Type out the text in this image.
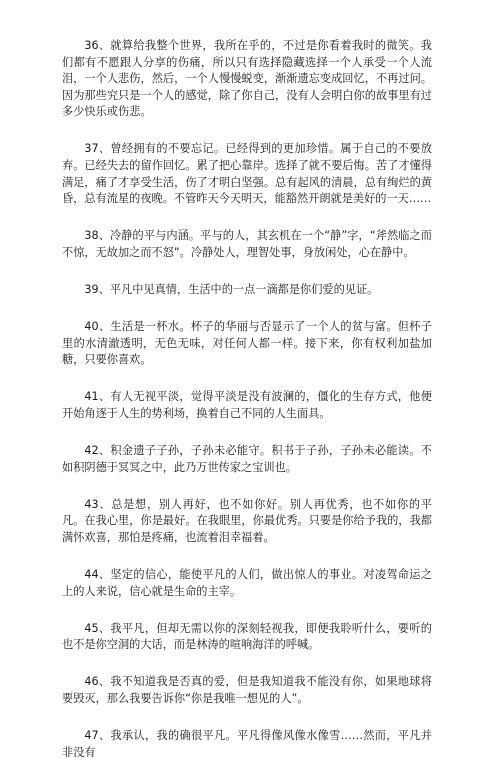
36、就算给我整个世界，我所在乎的，不过是你看着我时的微笑。我们都有不愿跟人分享的伤痛，所以只有选择隐藏选择一个人承受一个人流泪，一个人悲伤，然后，一个人慢慢蜕变，渐渐遗忘变成回忆，不再过问。因为那些究只是一个人的感觉，除了你自己，没有人会明白你的故事里有过多少快乐或伤悲。

37、曾经拥有的不要忘记。已经得到的更加珍惜。属于自己的不要放弃。已经失去的留作回忆。累了把心靠岸。选择了就不要后悔。苦了才懂得满足，痛了才享受生活，伤了才明白坚强。总有起风的清晨，总有绚烂的黄昏，总有流星的夜晚。不管昨天今天明天，能豁然开朗就是美好的一天……

38、冷静的平与内涵。平与的人，其玄机在一个“静”字，“斧然临之而不惊，无故加之而不怒”。冷静处人，理智处事，身放闲处，心在静中。

39、平凡中见真情，生活中的一点一滴都是你们爱的见证。

40、生活是一杯水。杯子的华丽与否显示了一个人的贫与富。但杯子里的水清澈透明，无色无味，对任何人都一样。接下来，你有权利加盐加糖，只要你喜欢。

41、有人无视平淡，觉得平淡是没有波澜的，僵化的生存方式，他便开始角逐于人生的势利场，换着自己不同的人生面具。

42、积金遗子子孙，子孙未必能守。积书于子孙，子孙未必能读。不如积阴德于冥冥之中，此乃万世传家之宝训也。

43、总是想，别人再好，也不如你好。别人再优秀，也不如你的平凡。在我心里，你是最好。在我眼里，你最优秀。只要是你给予我的，我都满怀欢喜，那怕是疼痛，也流着泪幸福着。

44、坚定的信心，能使平凡的人们，做出惊人的事业。对凌驾命运之上的人来说，信心就是生命的主宰。

45、我平凡，但却无需以你的深刻轻视我，即便我聆听什么，要听的也不是你空洞的大话，而是林涛的喧响海洋的呼喊。

46、我不知道我是否真的爱，但是我知道我不能没有你，如果地球将要毁灭，那么我要告诉你“你是我唯一想见的人”。

47、我承认，我的确很平凡。平凡得像风像水像雪……然而，平凡并非没有
